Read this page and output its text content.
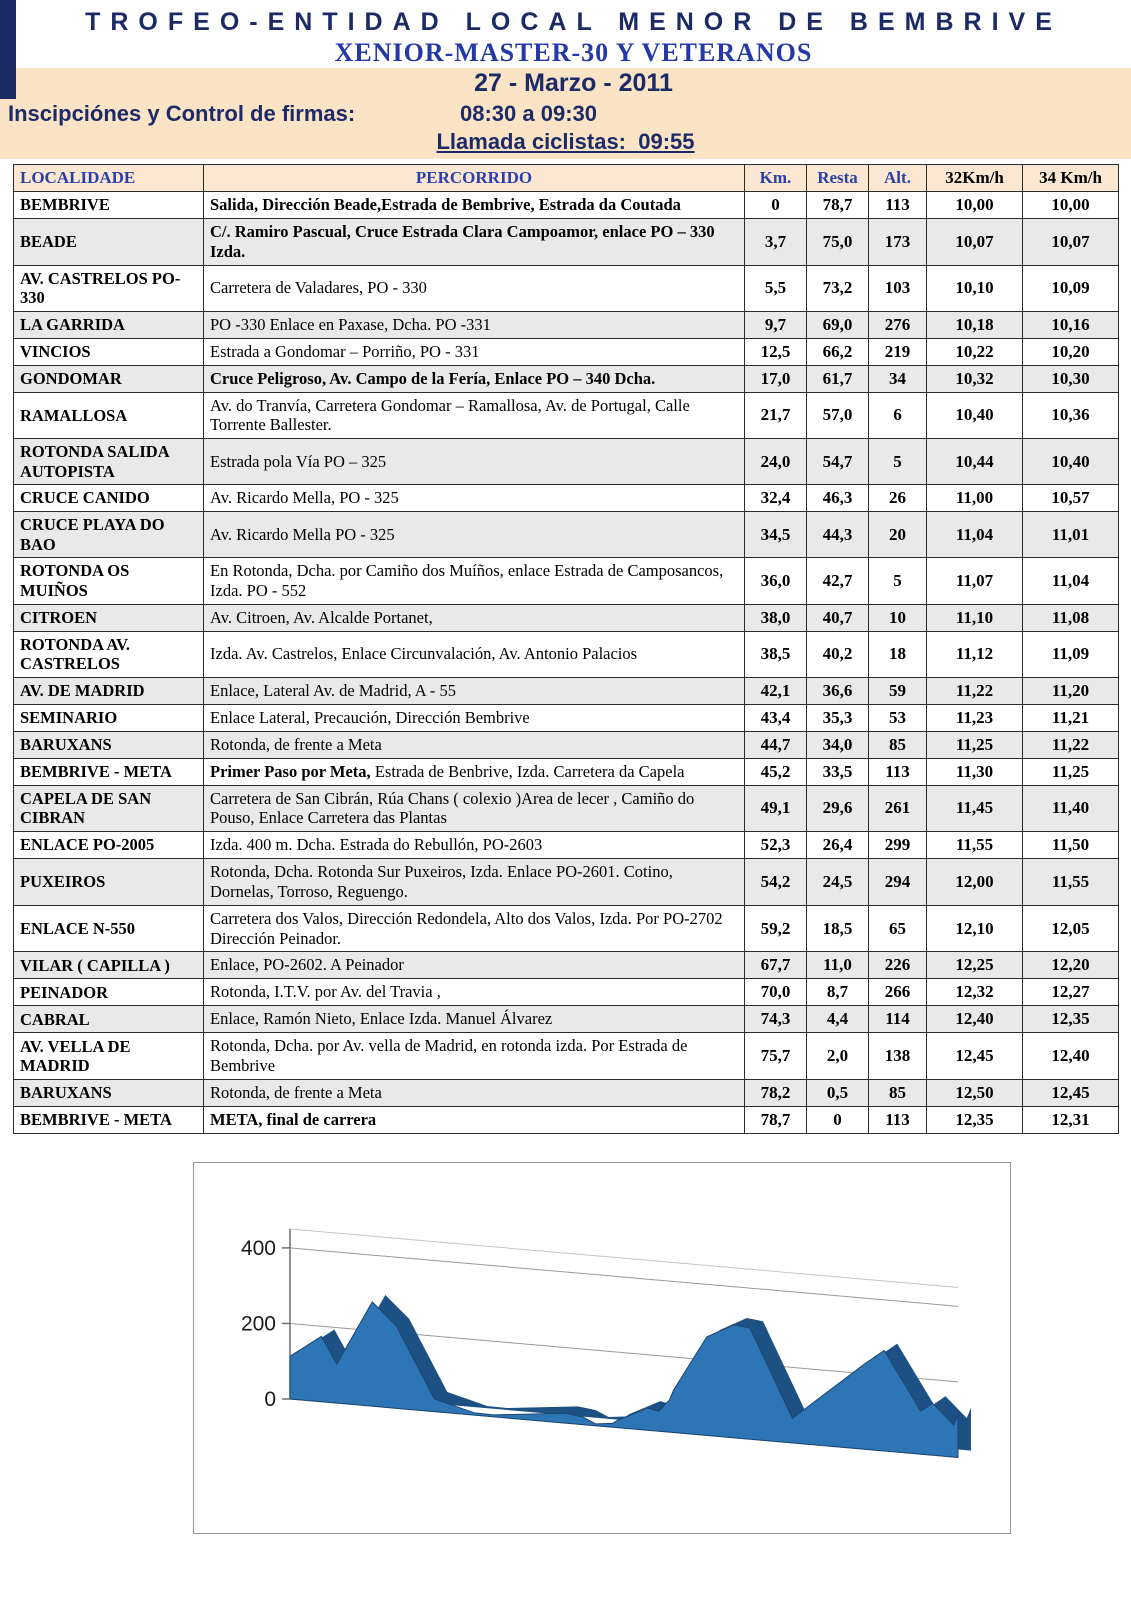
TROFEO-ENTIDAD LOCAL MENOR DE BEMBRIVE
XENIOR-MASTER-30 Y VETERANOS
27 - Marzo - 2011
Inscipciónes y Control de firmas:	08:30 a 09:30
Llamada ciclistas: 09:55
LOCALIDADE	PERCORRIDO	Km.	Resta	Alt.	32Km/h	34 Km/h
BEMBRIVE	Salida, Dirección Beade,Estrada de Bembrive, Estrada da Coutada	0	78,7	113	10,00	10,00
BEADE	C/. Ramiro Pascual, Cruce Estrada Clara Campoamor, enlace PO – 330 Izda.	3,7	75,0	173	10,07	10,07
AV. CASTRELOS PO- 330	Carretera de Valadares, PO - 330	5,5	73,2	103	10,10	10,09
LA GARRIDA	PO -330 Enlace en Paxase, Dcha. PO -331	9,7	69,0	276	10,18	10,16
VINCIOS	Estrada a Gondomar – Porriño, PO - 331	12,5	66,2	219	10,22	10,20
GONDOMAR	Cruce Peligroso, Av. Campo de la Fería, Enlace PO – 340 Dcha.	17,0	61,7	34	10,32	10,30
RAMALLOSA	Av. do Tranvía, Carretera Gondomar – Ramallosa, Av. de Portugal, Calle Torrente Ballester.	21,7	57,0	6	10,40	10,36
ROTONDA SALIDA AUTOPISTA	Estrada pola Vía PO – 325	24,0	54,7	5	10,44	10,40
CRUCE CANIDO	Av. Ricardo Mella, PO - 325	32,4	46,3	26	11,00	10,57
CRUCE PLAYA DO BAO	Av. Ricardo Mella PO - 325	34,5	44,3	20	11,04	11,01
ROTONDA OS MUIÑOS	En Rotonda, Dcha. por Camiño dos Muíños, enlace Estrada de Camposancos, Izda. PO - 552	36,0	42,7	5	11,07	11,04
CITROEN	Av. Citroen, Av. Alcalde Portanet,	38,0	40,7	10	11,10	11,08
ROTONDA AV. CASTRELOS	Izda. Av. Castrelos, Enlace Circunvalación, Av. Antonio Palacios	38,5	40,2	18	11,12	11,09
AV. DE MADRID	Enlace, Lateral Av. de Madrid, A - 55	42,1	36,6	59	11,22	11,20
SEMINARIO	Enlace Lateral, Precaución, Dirección Bembrive	43,4	35,3	53	11,23	11,21
BARUXANS	Rotonda, de frente a Meta	44,7	34,0	85	11,25	11,22
BEMBRIVE - META	Primer Paso por Meta, Estrada de Benbrive, Izda. Carretera da Capela	45,2	33,5	113	11,30	11,25
CAPELA DE SAN CIBRAN	Carretera de San Cibrán, Rúa Chans ( colexio )Area de lecer , Camiño do Pouso, Enlace Carretera das Plantas	49,1	29,6	261	11,45	11,40
ENLACE PO-2005	Izda. 400 m. Dcha. Estrada do Rebullón, PO-2603	52,3	26,4	299	11,55	11,50
PUXEIROS	Rotonda, Dcha. Rotonda Sur Puxeiros, Izda. Enlace PO-2601. Cotino, Dornelas, Torroso, Reguengo.	54,2	24,5	294	12,00	11,55
ENLACE N-550	Carretera dos Valos, Dirección Redondela, Alto dos Valos, Izda. Por PO-2702 Dirección Peinador.	59,2	18,5	65	12,10	12,05
VILAR ( CAPILLA )	Enlace, PO-2602. A Peinador	67,7	11,0	226	12,25	12,20
PEINADOR	Rotonda, I.T.V. por Av. del Travia ,	70,0	8,7	266	12,32	12,27
CABRAL	Enlace, Ramón Nieto, Enlace Izda. Manuel Álvarez	74,3	4,4	114	12,40	12,35
AV. VELLA DE MADRID	Rotonda, Dcha. por Av. vella de Madrid, en rotonda izda. Por Estrada de Bembrive	75,7	2,0	138	12,45	12,40
BARUXANS	Rotonda, de frente a Meta	78,2	0,5	85	12,50	12,45
BEMBRIVE - META	META, final de carrera	78,7	0	113	12,35	12,31
0
200
400
